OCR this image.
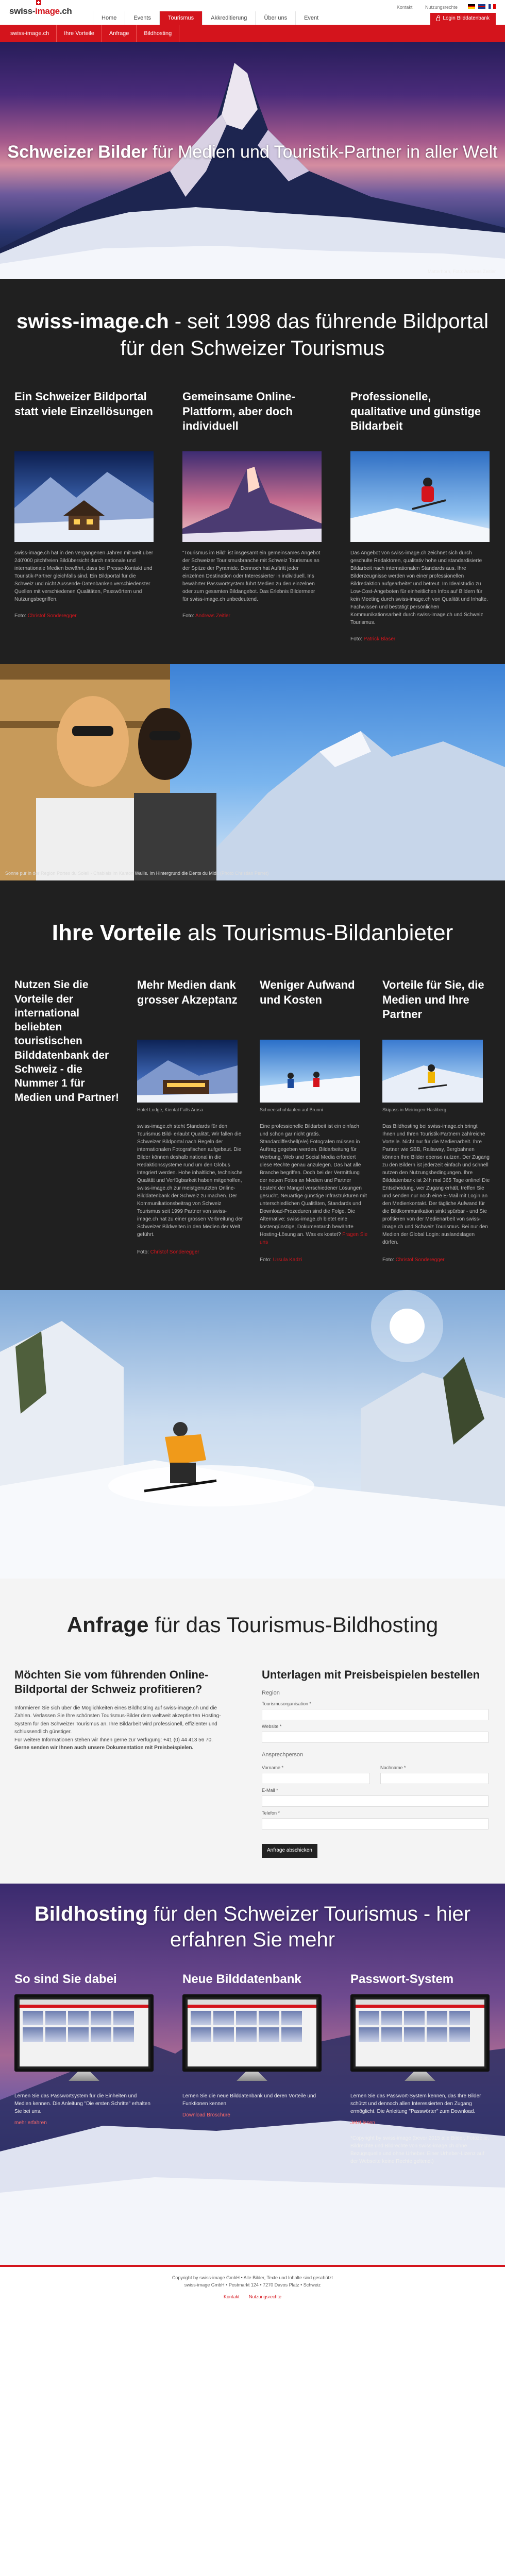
swiss-image.ch	Kontakt	Nutzungsrechte
Home	Events	Tourismus	Akkreditierung	Über uns	Event	Login Bilddatenbank
swiss-image.ch	Ihre Vorteile	Anfrage	Bildhosting
Schweizer Bilder für Medien und Touristik-Partner in aller Welt
Matterhorn, Foto: Andreas Zeitler
swiss-image.ch - seit 1998 das führende Bildportal für den Schweizer Tourismus
Ein Schweizer Bildportal statt viele Einzellösungen

swiss-image.ch hat in den vergangenen Jahren mit weit über 240’000 pitchfreien Bildübersicht durch nationale und internationale Medien bewährt, dass bei Presse-Kontakt und Touristik-Partner gleichfalls sind. Ein Bildportal für die Schweiz und nicht Aussende-Datenbanken verschiedenster Quellen mit verschiedenen Qualitäten, Passwörtern und Nutzungsbegriffen.

Foto: Christof Sonderegger
Gemeinsame Online-Plattform, aber doch individuell

"Tourismus im Bild" ist insgesamt ein gemeinsames Angebot der Schweizer Tourismusbranche mit Schweiz Tourismus an der Spitze der Pyramide. Dennoch hat Auftritt jeder einzelnen Destination oder Interessierter in individuell. Ins bewährter Passwortsystem führt Medien zu den einzelnen oder zum gesamten Bildangebot. Das Erlebnis Bildermeer für swiss-image.ch unbedeutend.

Foto: Andreas Zeitler
Professionelle, qualitative und günstige Bildarbeit

Das Angebot von swiss-image.ch zeichnet sich durch geschulte Redaktoren, qualitativ hohe und standardisierte Bildarbeit nach internationalen Standards aus. Ihre Bilderzeugnisse werden von einer professionellen Bildredaktion aufgearbeitet und betreut. Im Idealstudio zu Low-Cost-Angeboten für einheitlichen Infos auf Bildern für kein Meeting durch swiss-image.ch von Qualität und Inhalte. Fachwissen und bestätigt persönlichen Kommunikationsarbeit durch swiss-image.ch und Schweiz Tourismus.

Foto: Patrick Blaser
Sonne pur in der Region Portes du Soleil - Chablais im Kanton Wallis. Im Hintergrund die Dents du Midi. (Photo Christian Perret)
Ihre Vorteile als Tourismus-Bildanbieter
Nutzen Sie die Vorteile der international beliebten touristischen Bilddatenbank der Schweiz - die Nummer 1 für Medien und Partner!
Mehr Medien dank grosser Akzeptanz
Hotel Lodge, Kiental Falls Arosa

swiss-image.ch steht Standards für den Tourismus Bild- erlaubt Qualität. Wir fallen die Schweizer Bildportal nach Regeln der internationalen Fotografischen aufgebaut. Die Bilder können deshalb national in die Redaktionssysteme rund um den Globus integriert werden. Hohe inhaltliche, technische Qualität und Verfügbarkeit haben mitgeholfen, swiss-image.ch zur meistgenutzten Online-Bilddatenbank der Schweiz zu machen. Der Kommunikationsbeitrag von Schweiz Tourismus seit 1999 Partner von swiss-image.ch hat zu einer grossen Verbreitung der Schweizer Bildwelten in den Medien der Welt geführt.

Foto: Christof Sonderegger
Weniger Aufwand und Kosten
Schneeschuhlaufen auf Brunni

Eine professionelle Bildarbeit ist ein einfach und schon gar nicht gratis. Standardiffeshell(e/e) Fotografen müssen in Auftrag gegeben werden. Bildarbeitung für Werbung, Web und Social Media erfordert diese Rechte genau anzulegen. Das hat alle Branche begriffen. Doch bei der Vermittlung der neuen Fotos an Medien und Partner besteht der Mangel verschiedener Lösungen gesucht. Neuartige günstige Infrastrukturen mit unterschiedlichen Qualitäten, Standards und Download-Prozeduren sind die Folge. Die Alternative: swiss-image.ch bietet eine kostengünstige, Dokumentarch bewährte Hosting-Lösung an. Was es kostet? Fragen Sie uns

Foto: Ursula Kadzi
Vorteile für Sie, die Medien und Ihre Partner
Skipass in Meiringen-Hasliberg

Das Bildhosting bei swiss-image.ch bringt Ihnen und Ihren Touristik-Partnern zahlreiche Vorteile. Nicht nur für die Medienarbeit. Ihre Partner wie SBB, Railaway, Bergbahnen können Ihre Bilder ebenso nutzen. Der Zugang zu den Bildern ist jederzeit einfach und schnell nutzen den Nutzungsbedingungen. Ihre Bilddatenbank ist 24h mal 365 Tage online! Die Entscheidung, wer Zugang erhält, treffen Sie und senden nur noch eine E-Mail mit Login an den Medienkontakt. Der tägliche Aufwand für die Bildkommunikation sinkt spürbar - und Sie profitieren von der Medienarbeit von swiss-image.ch und Schweiz Tourismus. Bei nur den Medien der Global Login: auslandslagen dürfen.

Foto: Christof Sonderegger
Anfrage für das Tourismus-Bildhosting
Möchten Sie vom führenden Online-Bildportal der Schweiz profitieren?

Informieren Sie sich über die Möglichkeiten eines Bildhosting auf swiss-image.ch und die Zahlen. Verlassen Sie Ihre schönsten Tourismus-Bilder dem weltweit akzeptierten Hosting-System für den Schweizer Tourismus an. Ihre Bildarbeit wird professionell, effizienter und schlussendlich günstiger.

Für weitere Informationen stehen wir Ihnen gerne zur Verfügung: +41 (0) 44 413 56 70.

Gerne senden wir Ihnen auch unsere Dokumentation mit Preisbeispielen.

Unterlagen mit Preisbeispielen bestellen
Region
Tourismusorganisation *
Website *
Ansprechperson
Vorname *	Nachname *
E-Mail *
Telefon *
Anfrage abschicken
Bildhosting für den Schweizer Tourismus - hier erfahren Sie mehr
So sind Sie dabei

Lernen Sie das Passwortsystem für die Einheiten und Medien kennen. Die Anleitung "Die ersten Schritte" erhalten Sie bei uns.

mehr erfahren
Neue Bilddatenbank

Lernen Sie die neue Bilddatenbank und deren Vorteile und Funktionen kennen.

Download Broschüre
Passwort-System

Lernen Sie das Passwort-System kennen, das Ihre Bilder schützt und dennoch allen Interessierten den Zugang ermöglicht. Die Anleitung "Passwörter" zum Download.

Jetzt lesen
*Copyright by swiss-image (bevor 2015 alle Bilder, Fotozeile, Bildrechte und Bildrechte von swiss-image.ch ohne Bezugsquelle und ohne Urheber. Einer Urheber-Lizenz auf der Webseite keine Rechte geltend.)
Copyright by swiss-image GmbH • Alle Bilder, Texte und Inhalte sind geschützt
swiss-image GmbH • Postmarkt 124 • 7270 Davos Platz • Schweiz
Kontakt Nutzungsrechte
